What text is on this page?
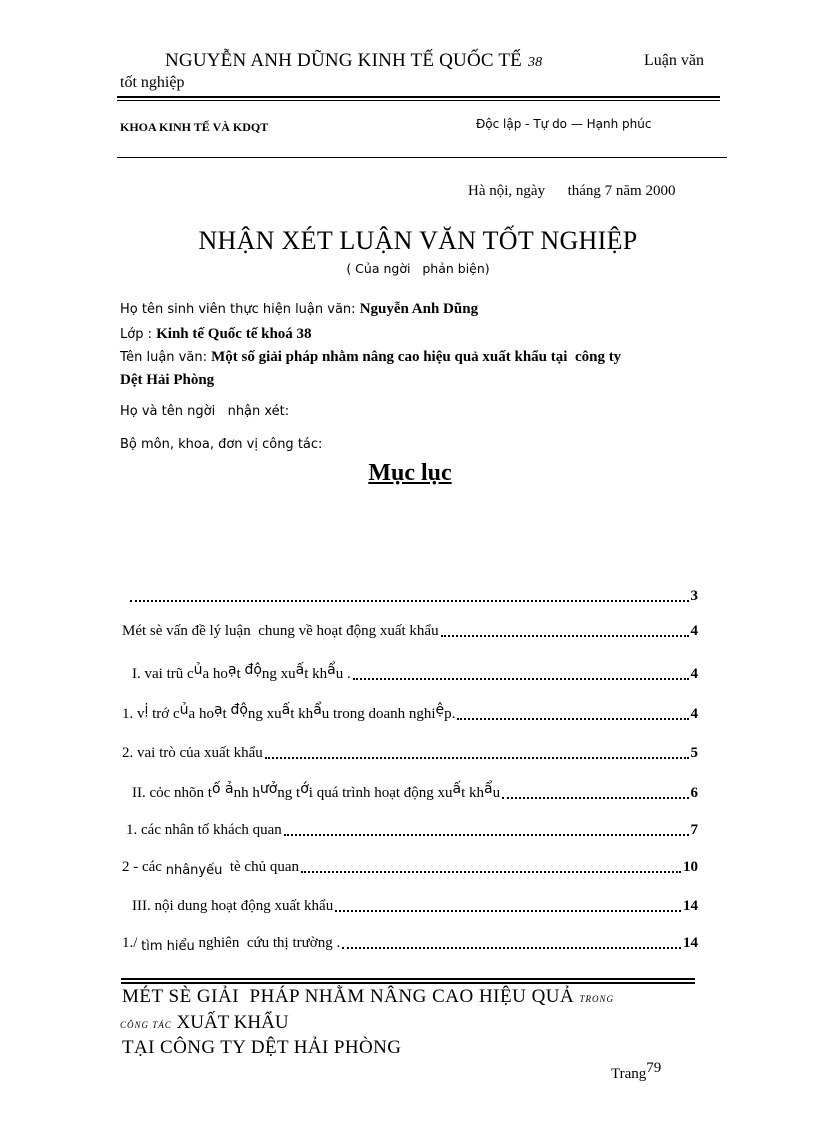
NGUYỄN ANH DŨNG KINH TẾ QUỐC TẾ 38	Luận văn
tốt nghiệp
KHOA KINH TẾ VÀ KDQT	Độc lập - Tự do — Hạnh phúc
Hà nội, ngày      tháng 7 năm 2000
NHẬN XÉT LUẬN VĂN TỐT NGHIỆP
( Của ngời   phản biện)
Họ tên sinh viên thực hiện luận văn: Nguyễn Anh Dũng
Lớp : Kinh tế Quốc tế khoá 38
Tên luận văn: Một số giải pháp nhằm nâng cao hiệu quả xuất khẩu tại  công ty
Dệt Hải Phòng
Họ và tên ngời   nhận xét:
Bộ môn, khoa, đơn vị công tác:
Mục lục
3
Mét sè vấn đề lý luận  chung về hoạt động xuất khẩu	4
I. vai trũ của hoạt động xuất khẩu .	4
1. vị trớ của hoạt động xuất khẩu trong doanh nghiệp.	4
2. vai trò của xuất khẩu	5
II. cỏc nhõn tố ảnh hưởng tới quá trình hoạt động xuất khẩu	6
1. các nhân tố khách quan	7
2 - các nhânyếu  tè chủ quan	10
III. nội dung hoạt động xuất khẩu	14
1./ tìm hiểu nghiên  cứu thị trường .	14
MÉT SÈ GIẢI  PHÁP NHẰM NÂNG CAO HIỆU QUẢ TRONG
CÔNG TÁC XUẤT KHẨU
TẠI CÔNG TY DỆT HẢI PHÒNG
Trang79
